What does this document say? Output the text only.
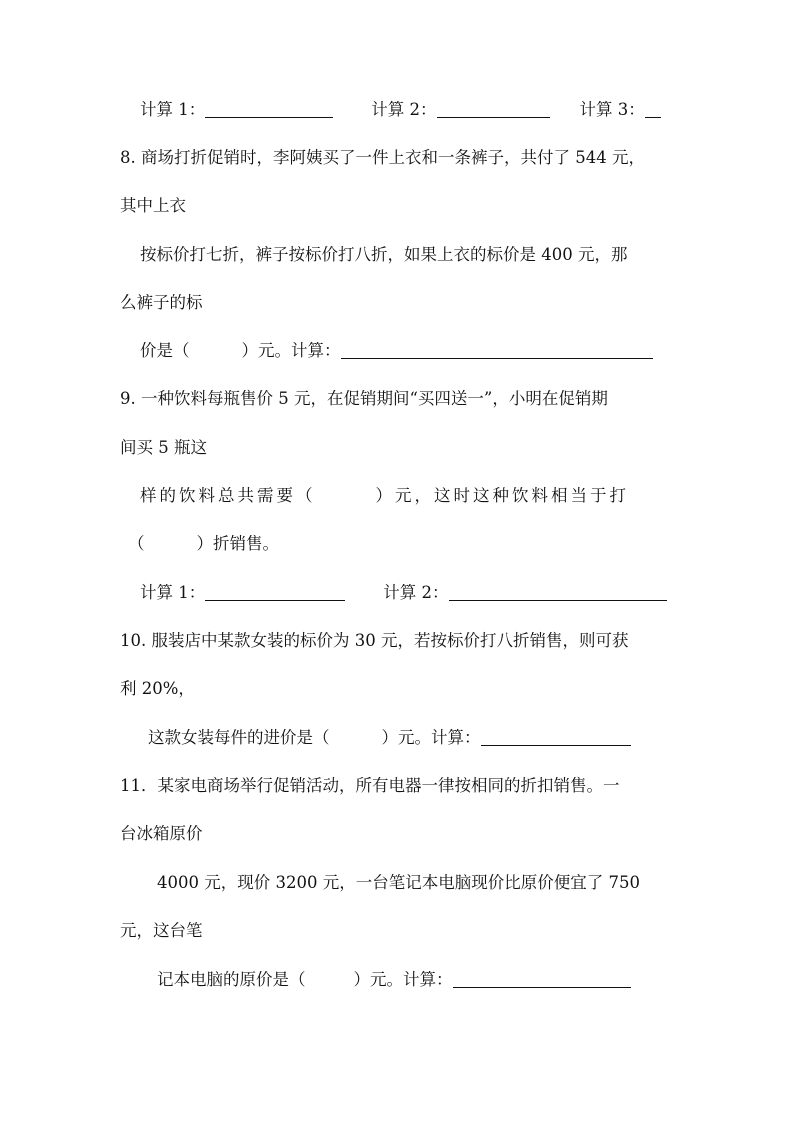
计算 1：	计算 2：	计算 3：
8. 商场打折促销时，李阿姨买了一件上衣和一条裤子，共付了 544 元，
其中上衣
按标价打七折，裤子按标价打八折，如果上衣的标价是 400 元，那
么裤子的标
价是（	）元。计算：
9. 一种饮料每瓶售价 5 元，在促销期间“买四送一”，小明在促销期
间买 5 瓶这
样的饮料总共需要（	）元，这时这种饮料相当于打
（	）折销售。
计算 1：	计算 2：
10. 服装店中某款女装的标价为 30 元，若按标价打八折销售，则可获
利 20%，
这款女装每件的进价是（	）元。计算：
11．某家电商场举行促销活动，所有电器一律按相同的折扣销售。一
台冰箱原价
4000 元，现价 3200 元，一台笔记本电脑现价比原价便宜了 750
元，这台笔
记本电脑的原价是（	）元。计算：
